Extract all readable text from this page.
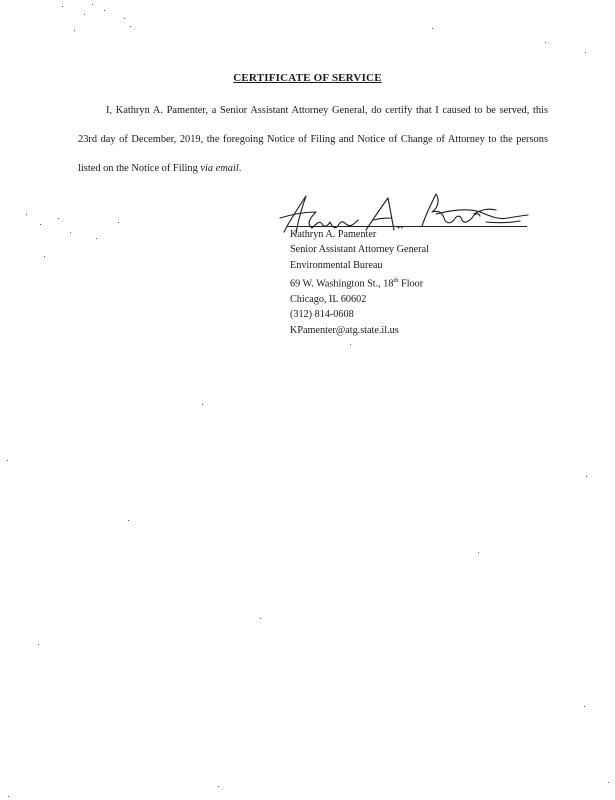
CERTIFICATE OF SERVICE

I, Kathryn A. Pamenter, a Senior Assistant Attorney General, do certify that I caused to be served, this 23rd day of December, 2019, the foregoing Notice of Filing and Notice of Change of Attorney to the persons listed on the Notice of Filing via email.

Kathryn A. Pamenter
Senior Assistant Attorney General
Environmental Bureau
69 W. Washington St., 18th Floor
Chicago, IL 60602
(312) 814-0608
KPamenter@atg.state.il.us
